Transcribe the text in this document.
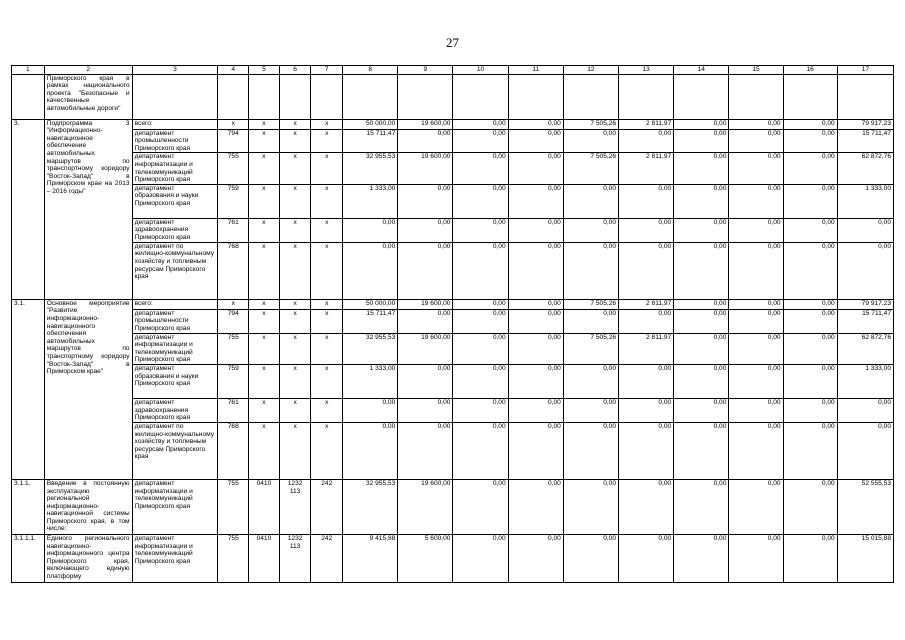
27
1	2	3	4	5	6	7	8	9	10	11	12	13	14	15	16	17
	Приморского края в рамках национального проекта "Безопасные и качественные автомобильные дороги"															
3.	Подпрограмма 3 "Информационно-навигационное обеспечение автомобильных маршрутов по транспортному коридору "Восток-Запад" в Приморском крае на 2013 – 2016 годы"	всего:	х	х	х	х	50 000,00	19 600,00	0,00	0,00	7 505,26	2 811,97	0,00	0,00	0,00	79 917,23
		департамент промышленности Приморского края	794	х	х	х	15 711,47	0,00	0,00	0,00	0,00	0,00	0,00	0,00	0,00	15 711,47
		департамент информатизации и телекоммуникаций Приморского края	755	х	х	х	32 955,53	19 600,00	0,00	0,00	7 505,26	2 811,97	0,00	0,00	0,00	62 872,76
		департамент образования и науки Приморского края	759	х	х	х	1 333,00	0,00	0,00	0,00	0,00	0,00	0,00	0,00	0,00	1 333,00
		департамент здравоохранения Приморского края	761	х	х	х	0,00	0,00	0,00	0,00	0,00	0,00	0,00	0,00	0,00	0,00
		департамент по жилищно-коммунальному хозяйству и топливным ресурсам Приморского края	768	х	х	х	0,00	0,00	0,00	0,00	0,00	0,00	0,00	0,00	0,00	0,00
3.1.	Основное мероприятие "Развитие информационно-навигационного обеспечения автомобильных маршрутов по транспортному коридору "Восток-Запад" в Приморском крае"	всего:	х	х	х	х	50 000,00	19 600,00	0,00	0,00	7 505,26	2 811,97	0,00	0,00	0,00	79 917,23
		департамент промышленности Приморского края	794	х	х	х	15 711,47	0,00	0,00	0,00	0,00	0,00	0,00	0,00	0,00	15 711,47
		департамент информатизации и телекоммуникаций Приморского края	755	х	х	х	32 955,53	19 600,00	0,00	0,00	7 505,26	2 811,97	0,00	0,00	0,00	62 872,76
		департамент образования и науки Приморского края	759	х	х	х	1 333,00	0,00	0,00	0,00	0,00	0,00	0,00	0,00	0,00	1 333,00
		департамент здравоохранения Приморского края	761	х	х	х	0,00	0,00	0,00	0,00	0,00	0,00	0,00	0,00	0,00	0,00
		департамент по жилищно-коммунальному хозяйству и топливным ресурсам Приморского края	768	х	х	х	0,00	0,00	0,00	0,00	0,00	0,00	0,00	0,00	0,00	0,00
3.1.1.	Введение в постоянную эксплуатацию региональной информационно-навигационной системы Приморского края, в том числе:	департамент информатизации и телекоммуникаций Приморского края	755	0410	1232 113	242	32 955,53	19 600,00	0,00	0,00	0,00	0,00	0,00	0,00	0,00	52 555,53
3.1.1.1.	Единого регионального навигационно-информационного центра Приморского края, включающего единую платформу	департамент информатизации и телекоммуникаций Приморского края	755	0410	1232 113	242	9 415,88	5 600,00	0,00	0,00	0,00	0,00	0,00	0,00	0,00	15 015,88
